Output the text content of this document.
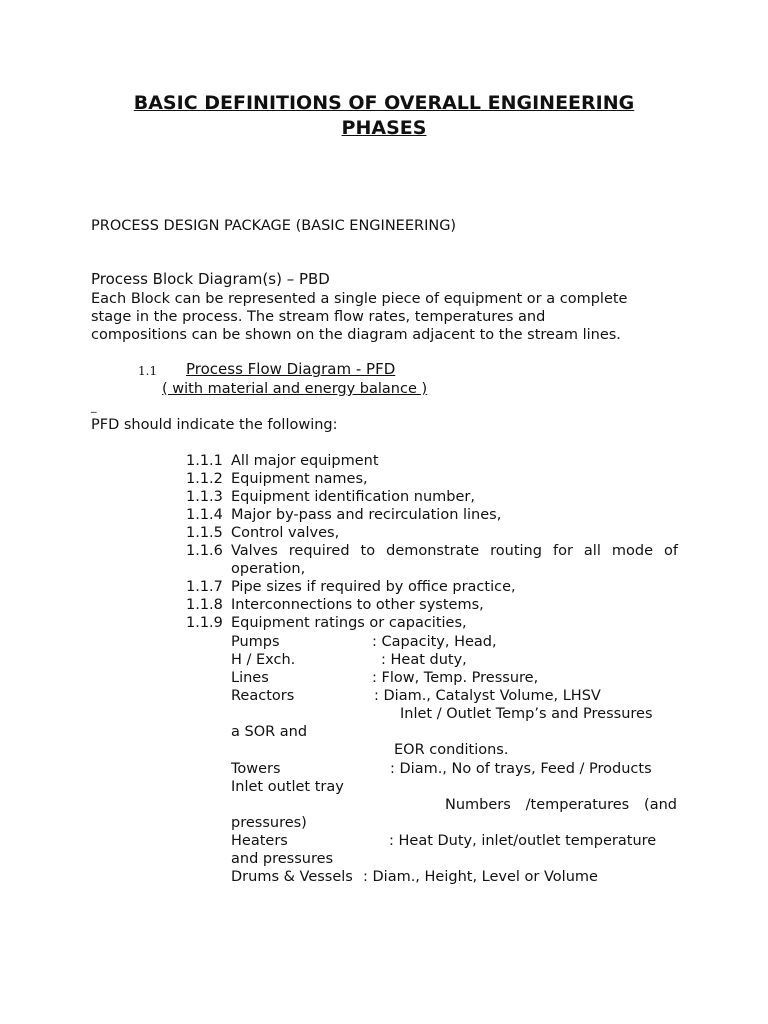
BASIC DEFINITIONS OF OVERALL ENGINEERING
PHASES
PROCESS DESIGN PACKAGE (BASIC ENGINEERING)
Process Block Diagram(s) – PBD
Each Block can be represented a single piece of equipment or a complete
stage in the process. The stream flow rates, temperatures and
compositions can be shown on the diagram adjacent to the stream lines.
1.1 Process Flow Diagram - PFD
( with material and energy balance )
_
PFD should indicate the following:
1.1.1 All major equipment
1.1.2 Equipment names,
1.1.3 Equipment identification number,
1.1.4 Major by-pass and recirculation lines,
1.1.5 Control valves,
1.1.6 Valves required to demonstrate routing for all mode of
operation,
1.1.7 Pipe sizes if required by office practice,
1.1.8 Interconnections to other systems,
1.1.9 Equipment ratings or capacities,
Pumps	: Capacity, Head,
H / Exch.	: Heat duty,
Lines	: Flow, Temp. Pressure,
Reactors	: Diam., Catalyst Volume, LHSV
Inlet / Outlet Temp’s and Pressures
a SOR and
EOR conditions.
Towers	: Diam., No of trays, Feed / Products
Inlet outlet tray
Numbers /temperatures (and
pressures)
Heaters	: Heat Duty, inlet/outlet temperature
and pressures
Drums & Vessels : Diam., Height, Level or Volume
